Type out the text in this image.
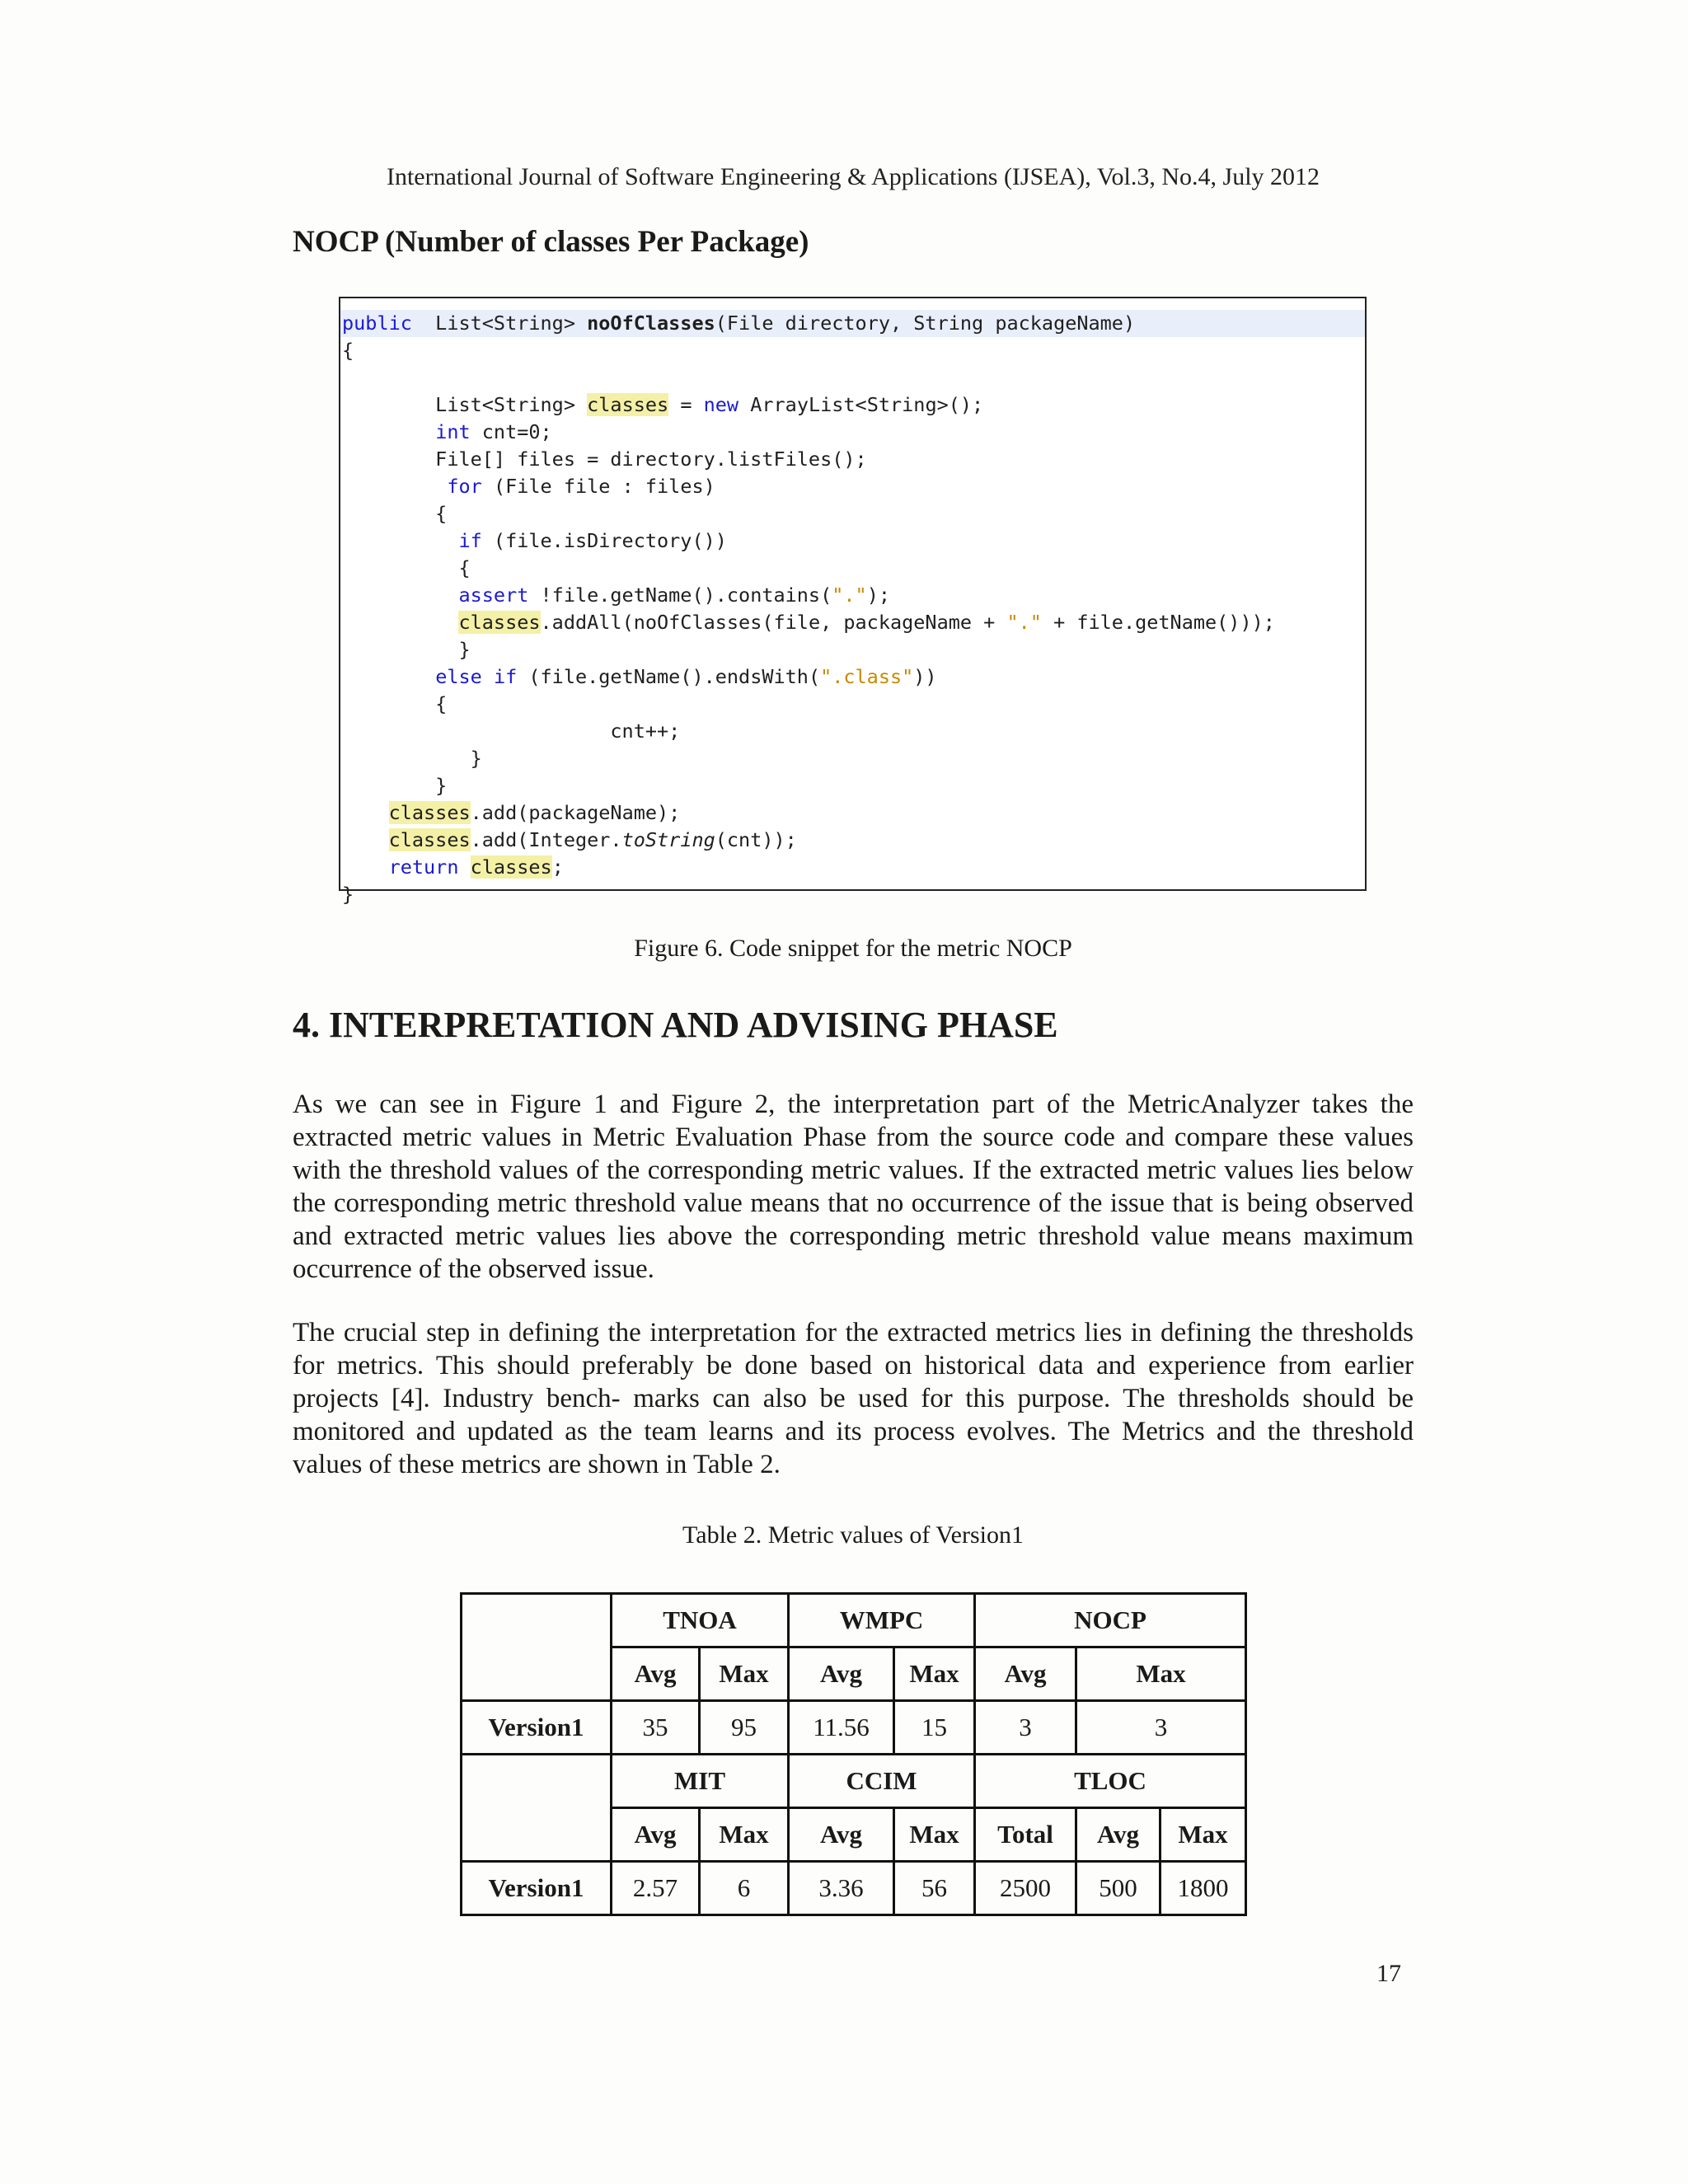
International Journal of Software Engineering & Applications (IJSEA), Vol.3, No.4, July 2012
NOCP (Number of classes Per Package)
public  List<String> noOfClasses(File directory, String packageName)
{
List<String> classes = new ArrayList<String>();
int cnt=0;
File[] files = directory.listFiles();
for (File file : files)
{
if (file.isDirectory())
{
assert !file.getName().contains(".");
classes.addAll(noOfClasses(file, packageName + "." + file.getName()));
}
else if (file.getName().endsWith(".class"))
{
cnt++;
}
}
classes.add(packageName);
classes.add(Integer.toString(cnt));
return classes;
}
Figure 6. Code snippet for the metric NOCP
4. INTERPRETATION AND ADVISING PHASE
As we can see in Figure 1 and Figure 2, the interpretation part of the MetricAnalyzer takes the extracted metric values in Metric Evaluation Phase from the source code and compare these values with the threshold values of the corresponding metric values. If the extracted metric values lies below the corresponding metric threshold value means that no occurrence of the issue that is being observed and extracted metric values lies above the corresponding metric threshold value means maximum occurrence of the observed issue.
The crucial step in defining the interpretation for the extracted metrics lies in defining the thresholds for metrics. This should preferably be done based on historical data and experience from earlier projects [4]. Industry bench- marks can also be used for this purpose. The thresholds should be monitored and updated as the team learns and its process evolves. The Metrics and the threshold values of these metrics are shown in Table 2.
Table 2. Metric values of Version1
	TNOA		WMPC		NOCP		
	Avg	Max	Avg	Max	Avg	Max	
Version1	35	95	11.56	15	3	3	
	MIT		CCIM		TLOC		
	Avg	Max	Avg	Max	Total	Avg	Max
Version1	2.57	6	3.36	56	2500	500	1800
17
